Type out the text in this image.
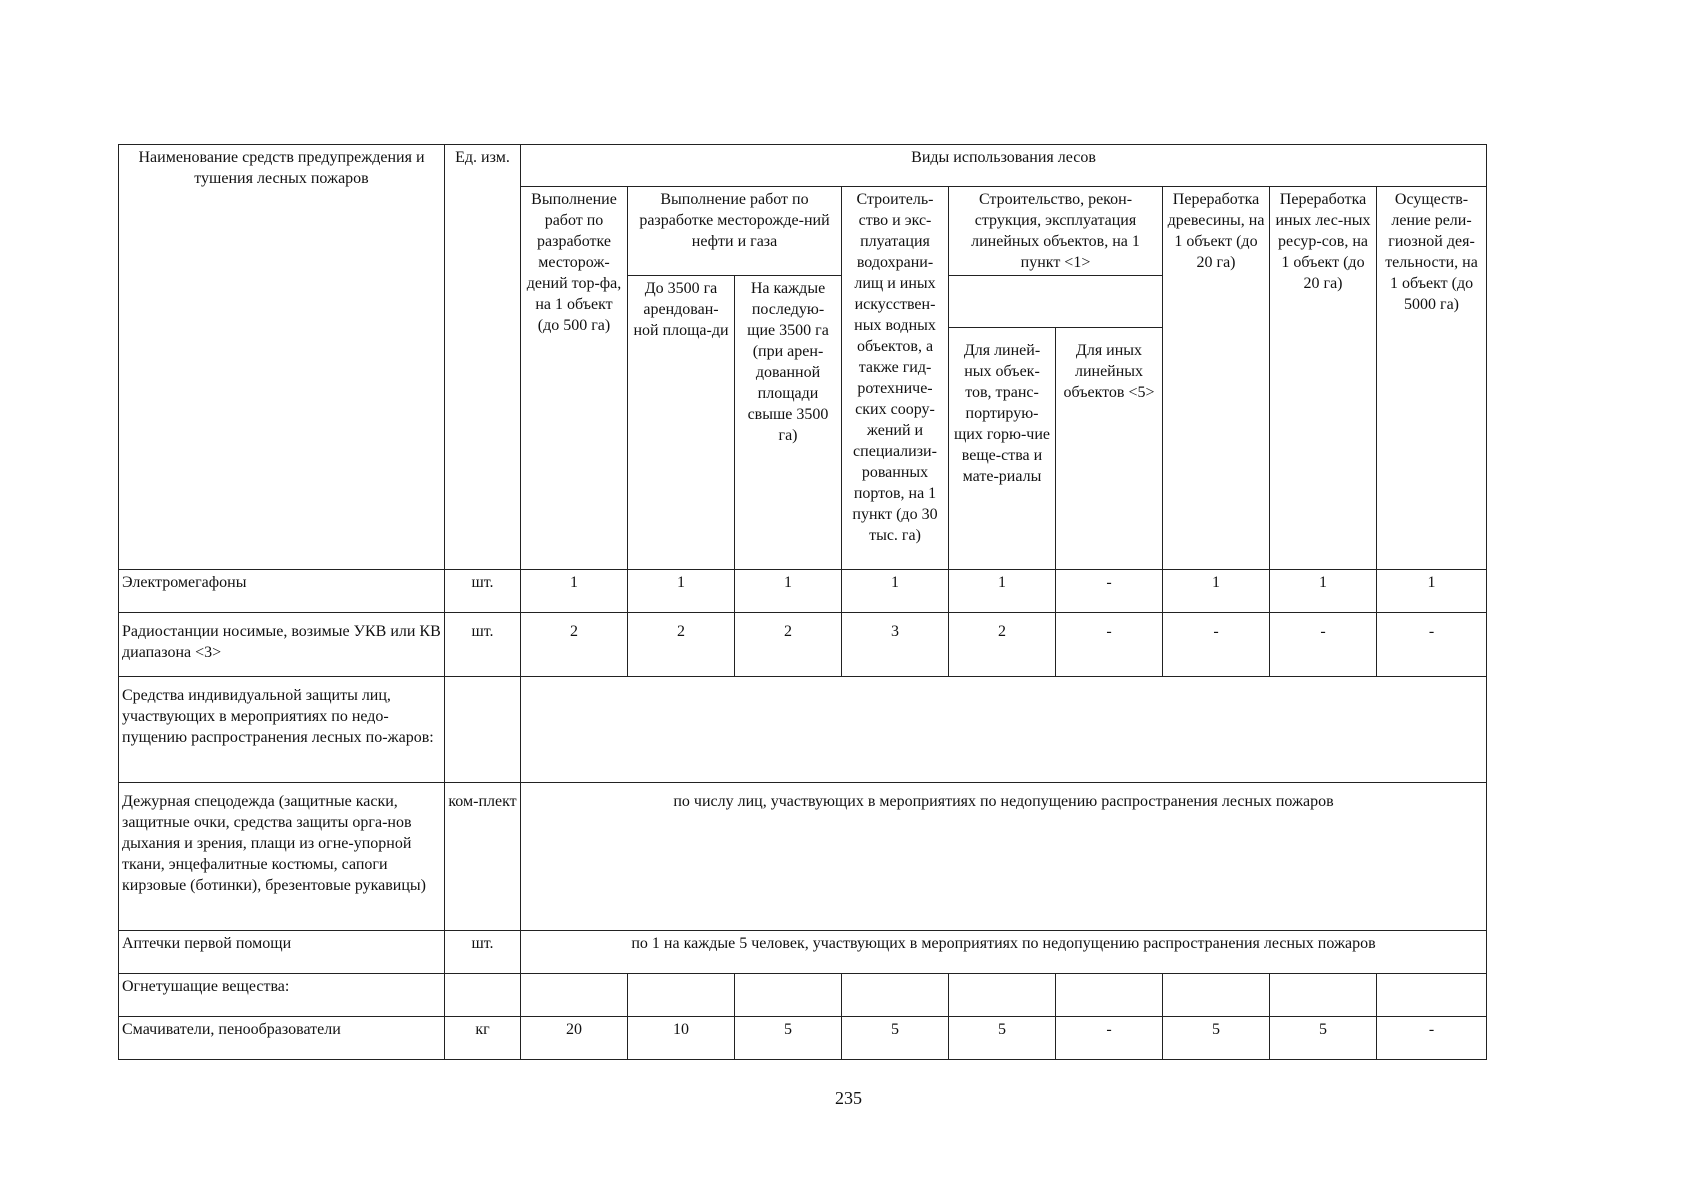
Наименование средств предупреждения и тушения лесных пожаров	Ед. изм.	Виды использования лесов								
		Выполнение работ по разработке месторож-дений тор-фа, на 1 объект (до 500 га)	Выполнение работ по разработке месторожде-ний нефти и газа		Строитель-ство и экс-плуатация водохрани-лищ и иных искусствен-ных водных объектов, а также гид-ротехниче-ских соору-жений и специализи-рованных портов, на 1 пункт (до 30 тыс. га)	Строительство, рекон-струкция, эксплуатация линейных объектов, на 1 пункт <1>		Переработка древесины, на 1 объект (до 20 га)	Переработка иных лес-ных ресур-сов, на 1 объект (до 20 га)	Осуществ-ление рели-гиозной дея-тельности, на 1 объект (до 5000 га)
			До 3500 га арендован-ной площа-ди	На каждые последую-щие 3500 га (при арен-дованной площади свыше 3500 га)						
						Для линей-ных объек-тов, транс-портирую-щих горю-чие веще-ства и мате-риалы	Для иных линейных объектов <5>			
Электромегафоны	шт.	1	1	1	1	1	-	1	1	1
Радиостанции носимые, возимые УКВ или КВ диапазона <3>	шт.	2	2	2	3	2	-	-	-	-
Средства индивидуальной защиты лиц, участвующих в мероприятиях по недо-пущению распространения лесных по-жаров:										
Дежурная спецодежда (защитные каски, защитные очки, средства защиты орга-нов дыхания и зрения, плащи из огне-упорной ткани, энцефалитные костюмы, сапоги кирзовые (ботинки), брезентовые рукавицы)	ком-плект	по числу лиц, участвующих в мероприятиях по недопущению распространения лесных пожаров								
Аптечки первой помощи	шт.	по 1 на каждые 5 человек, участвующих в мероприятиях по недопущению распространения лесных пожаров								
Огнетушащие вещества:										
Смачиватели, пенообразователи	кг	20	10	5	5	5	-	5	5	-
235
